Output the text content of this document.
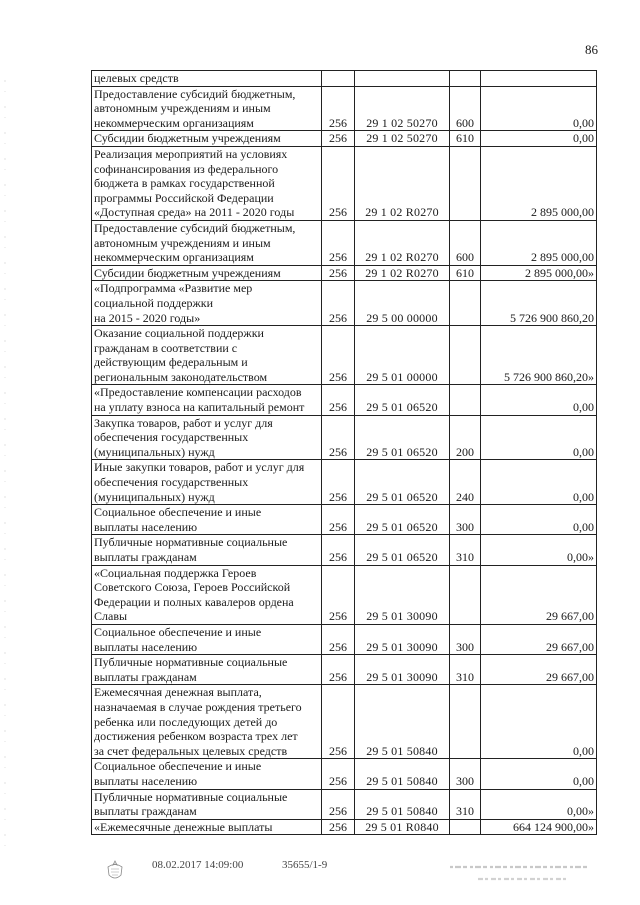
86
целевых средств				

Предоставление субсидий бюджетным,
автономным учреждениям и иным
некоммерческим организациям	256	29 1 02 50270	600	0,00

Субсидии бюджетным учреждениям	256	29 1 02 50270	610	0,00

Реализация мероприятий на условиях
софинансирования из федерального
бюджета в рамках государственной
программы Российской Федерации
«Доступная среда» на 2011 - 2020 годы	256	29 1 02 R0270		2 895 000,00

Предоставление субсидий бюджетным,
автономным учреждениям и иным
некоммерческим организациям	256	29 1 02 R0270	600	2 895 000,00

Субсидии бюджетным учреждениям	256	29 1 02 R0270	610	2 895 000,00»

«Подпрограмма «Развитие мер
социальной поддержки
на 2015 - 2020 годы»	256	29 5 00 00000		5 726 900 860,20

Оказание социальной поддержки
гражданам в соответствии с
действующим федеральным и
региональным законодательством	256	29 5 01 00000		5 726 900 860,20»

«Предоставление компенсации расходов
на уплату взноса на капитальный ремонт	256	29 5 01 06520		0,00

Закупка товаров, работ и услуг для
обеспечения государственных
(муниципальных) нужд	256	29 5 01 06520	200	0,00

Иные закупки товаров, работ и услуг для
обеспечения государственных
(муниципальных) нужд	256	29 5 01 06520	240	0,00

Социальное обеспечение и иные
выплаты населению	256	29 5 01 06520	300	0,00

Публичные нормативные социальные
выплаты гражданам	256	29 5 01 06520	310	0,00»

«Социальная поддержка Героев
Советского Союза, Героев Российской
Федерации и полных кавалеров ордена
Славы	256	29 5 01 30090		29 667,00

Социальное обеспечение и иные
выплаты населению	256	29 5 01 30090	300	29 667,00

Публичные нормативные социальные
выплаты гражданам	256	29 5 01 30090	310	29 667,00

Ежемесячная денежная выплата,
назначаемая в случае рождения третьего
ребенка или последующих детей до
достижения ребенком возраста трех лет
за счет федеральных целевых средств	256	29 5 01 50840		0,00

Социальное обеспечение и иные
выплаты населению	256	29 5 01 50840	300	0,00

Публичные нормативные социальные
выплаты гражданам	256	29 5 01 50840	310	0,00»

«Ежемесячные денежные выплаты	256	29 5 01 R0840		664 124 900,00»
08.02.2017 14:09:00	35655/1-9
